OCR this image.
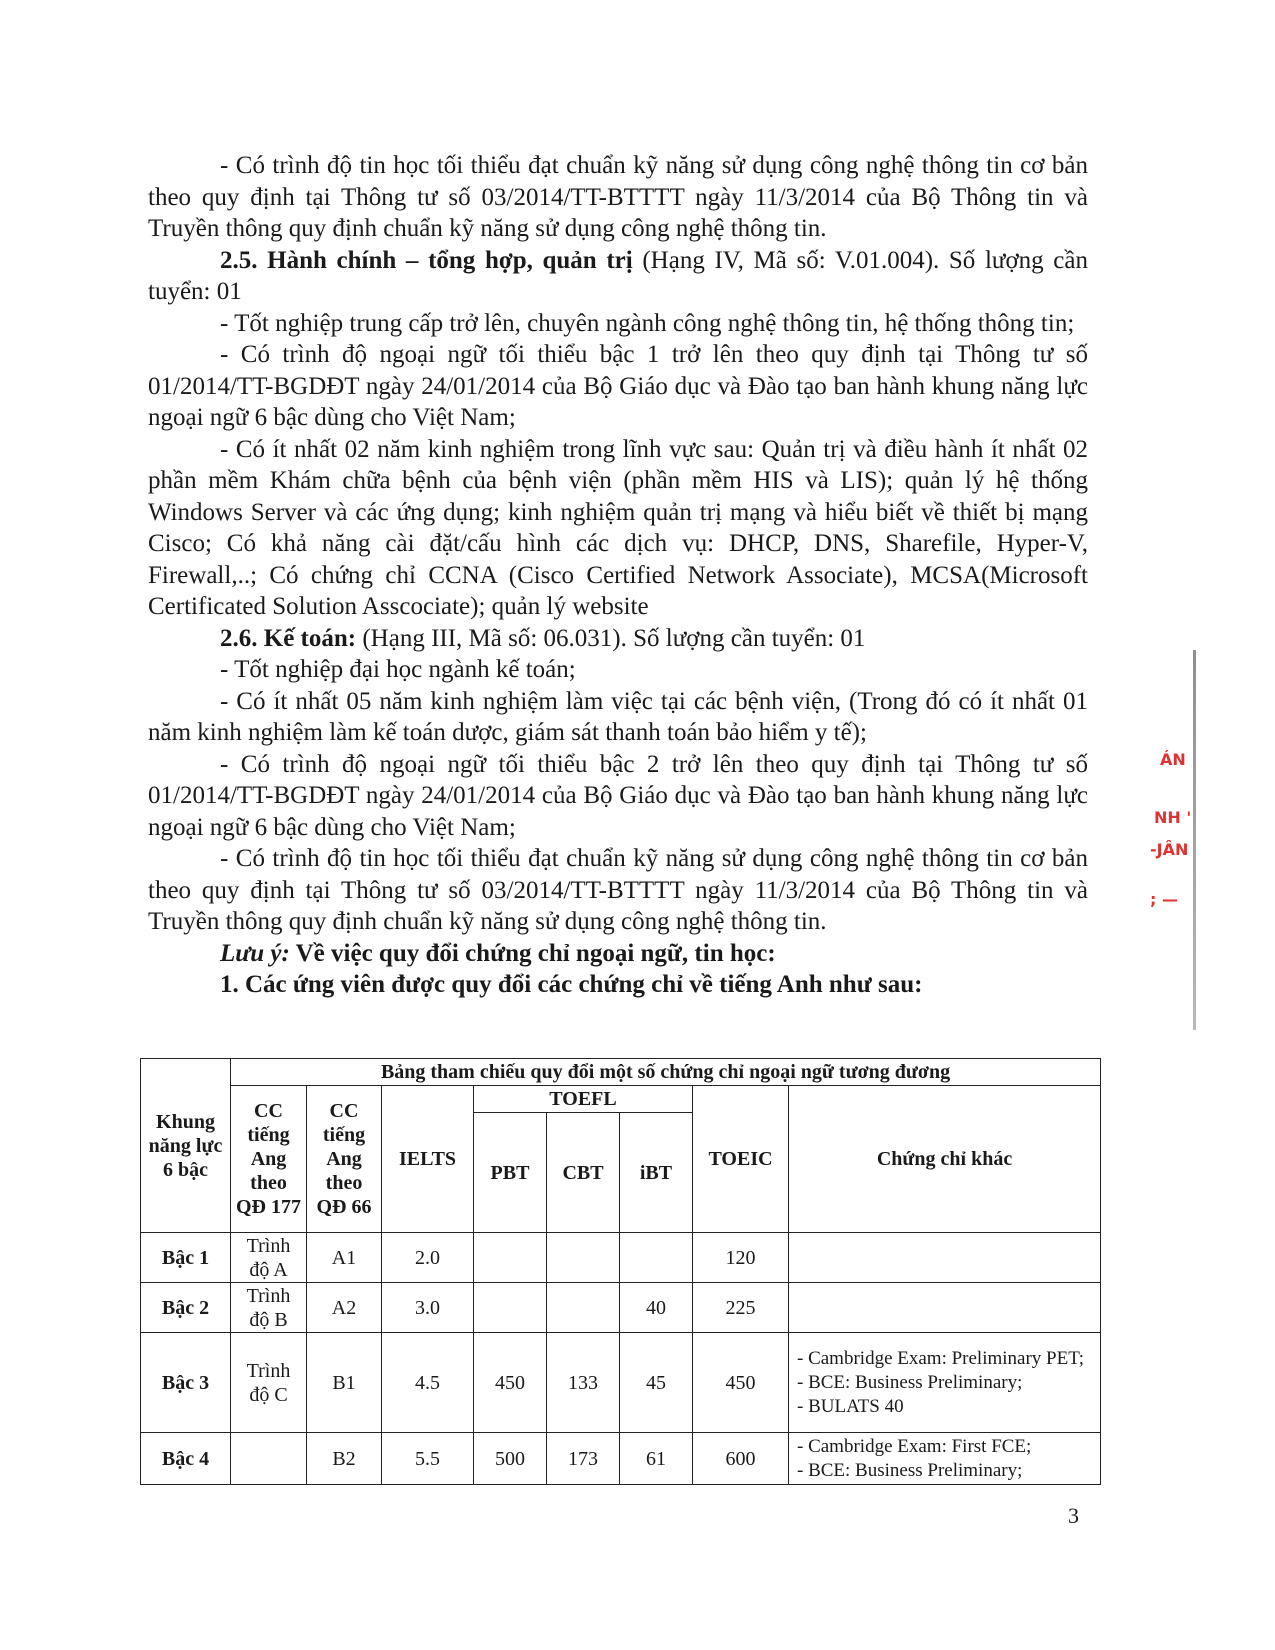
- Có trình độ tin học tối thiểu đạt chuẩn kỹ năng sử dụng công nghệ thông tin cơ bản theo quy định tại Thông tư số 03/2014/TT-BTTTT ngày 11/3/2014 của Bộ Thông tin và Truyền thông quy định chuẩn kỹ năng sử dụng công nghệ thông tin.

2.5. Hành chính – tổng hợp, quản trị (Hạng IV, Mã số: V.01.004). Số lượng cần tuyển: 01

- Tốt nghiệp trung cấp trở lên, chuyên ngành công nghệ thông tin, hệ thống thông tin;

- Có trình độ ngoại ngữ tối thiểu bậc 1 trở lên theo quy định tại Thông tư số 01/2014/TT-BGDĐT ngày 24/01/2014 của Bộ Giáo dục và Đào tạo ban hành khung năng lực ngoại ngữ 6 bậc dùng cho Việt Nam;

- Có ít nhất 02 năm kinh nghiệm trong lĩnh vực sau: Quản trị và điều hành ít nhất 02 phần mềm Khám chữa bệnh của bệnh viện (phần mềm HIS và LIS); quản lý hệ thống Windows Server và các ứng dụng; kinh nghiệm quản trị mạng và hiểu biết về thiết bị mạng Cisco; Có khả năng cài đặt/cấu hình các dịch vụ: DHCP, DNS, Sharefile, Hyper-V, Firewall,..; Có chứng chỉ CCNA (Cisco Certified Network Associate), MCSA(Microsoft Certificated Solution Asscociate); quản lý website

2.6. Kế toán: (Hạng III, Mã số: 06.031). Số lượng cần tuyển: 01

- Tốt nghiệp đại học ngành kế toán;

- Có ít nhất 05 năm kinh nghiệm làm việc tại các bệnh viện, (Trong đó có ít nhất 01 năm kinh nghiệm làm kế toán dược, giám sát thanh toán bảo hiểm y tế);

- Có trình độ ngoại ngữ tối thiểu bậc 2 trở lên theo quy định tại Thông tư số 01/2014/TT-BGDĐT ngày 24/01/2014 của Bộ Giáo dục và Đào tạo ban hành khung năng lực ngoại ngữ 6 bậc dùng cho Việt Nam;

- Có trình độ tin học tối thiểu đạt chuẩn kỹ năng sử dụng công nghệ thông tin cơ bản theo quy định tại Thông tư số 03/2014/TT-BTTTT ngày 11/3/2014 của Bộ Thông tin và Truyền thông quy định chuẩn kỹ năng sử dụng công nghệ thông tin.

Lưu ý: Về việc quy đổi chứng chỉ ngoại ngữ, tin học:

1. Các ứng viên được quy đổi các chứng chỉ về tiếng Anh như sau:

Khung năng lực 6 bậc	Bảng tham chiếu quy đổi một số chứng chỉ ngoại ngữ tương đương							
	CC tiếng Ang theo QĐ 177	CC tiếng Ang theo QĐ 66	IELTS	TOEFL			TOEIC	Chứng chỉ khác
				PBT	CBT	iBT		
Bậc 1	Trình độ A	A1	2.0				120	
Bậc 2	Trình độ B	A2	3.0			40	225	
Bậc 3	Trình độ C	B1	4.5	450	133	45	450	- Cambridge Exam: Preliminary PET;
- BCE: Business Preliminary;
- BULATS 40

Bậc 4		B2	5.5	500	173	61	600	- Cambridge Exam: First FCE;
- BCE: Business Preliminary;
ÁN
NH '
-JÂN
; —
3
